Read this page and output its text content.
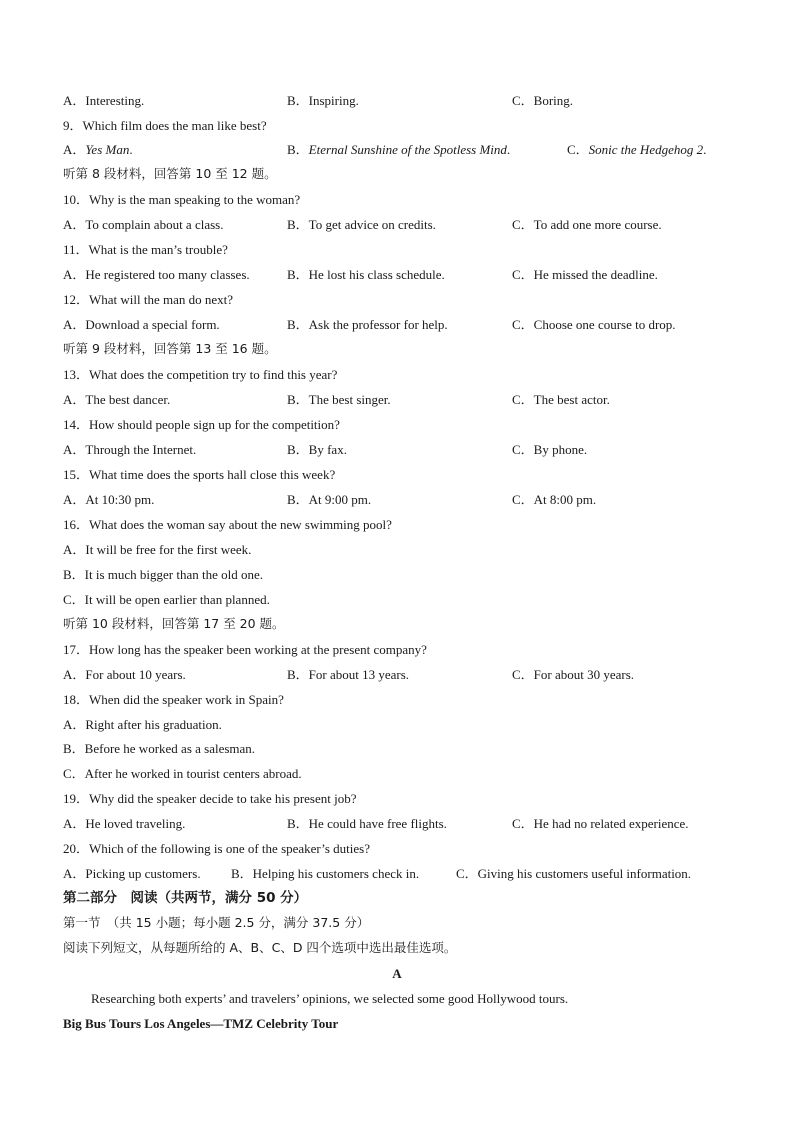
A．Interesting.	B．Inspiring.	C．Boring.
9．Which film does the man like best?
A．Yes Man.	B．Eternal Sunshine of the Spotless Mind.	C．Sonic the Hedgehog 2.
听第 8 段材料，回答第 10 至 12 题。
10．Why is the man speaking to the woman?
A．To complain about a class.	B．To get advice on credits.	C．To add one more course.
11．What is the man’s trouble?
A．He registered too many classes.	B．He lost his class schedule.	C．He missed the deadline.
12．What will the man do next?
A．Download a special form.	B．Ask the professor for help.	C．Choose one course to drop.
听第 9 段材料，回答第 13 至 16 题。
13．What does the competition try to find this year?
A．The best dancer.	B．The best singer.	C．The best actor.
14．How should people sign up for the competition?
A．Through the Internet.	B．By fax.	C．By phone.
15．What time does the sports hall close this week?
A．At 10:30 pm.	B．At 9:00 pm.	C．At 8:00 pm.
16．What does the woman say about the new swimming pool?
A．It will be free for the first week.
B．It is much bigger than the old one.
C．It will be open earlier than planned.
听第 10 段材料，回答第 17 至 20 题。
17．How long has the speaker been working at the present company?
A．For about 10 years.	B．For about 13 years.	C．For about 30 years.
18．When did the speaker work in Spain?
A．Right after his graduation.
B．Before he worked as a salesman.
C．After he worked in tourist centers abroad.
19．Why did the speaker decide to take his present job?
A．He loved traveling.	B．He could have free flights.	C．He had no related experience.
20．Which of the following is one of the speaker’s duties?
A．Picking up customers. B．Helping his customers check in.	C．Giving his customers useful information.
第二部分　阅读（共两节，满分 50 分）
第一节　（共 15 小题；每小题 2.5 分，满分 37.5 分）
阅读下列短文，从每题所给的 A、B、C、D 四个选项中选出最佳选项。
A
Researching both experts’ and travelers’ opinions, we selected some good Hollywood tours.
Big Bus Tours Los Angeles—TMZ Celebrity Tour
